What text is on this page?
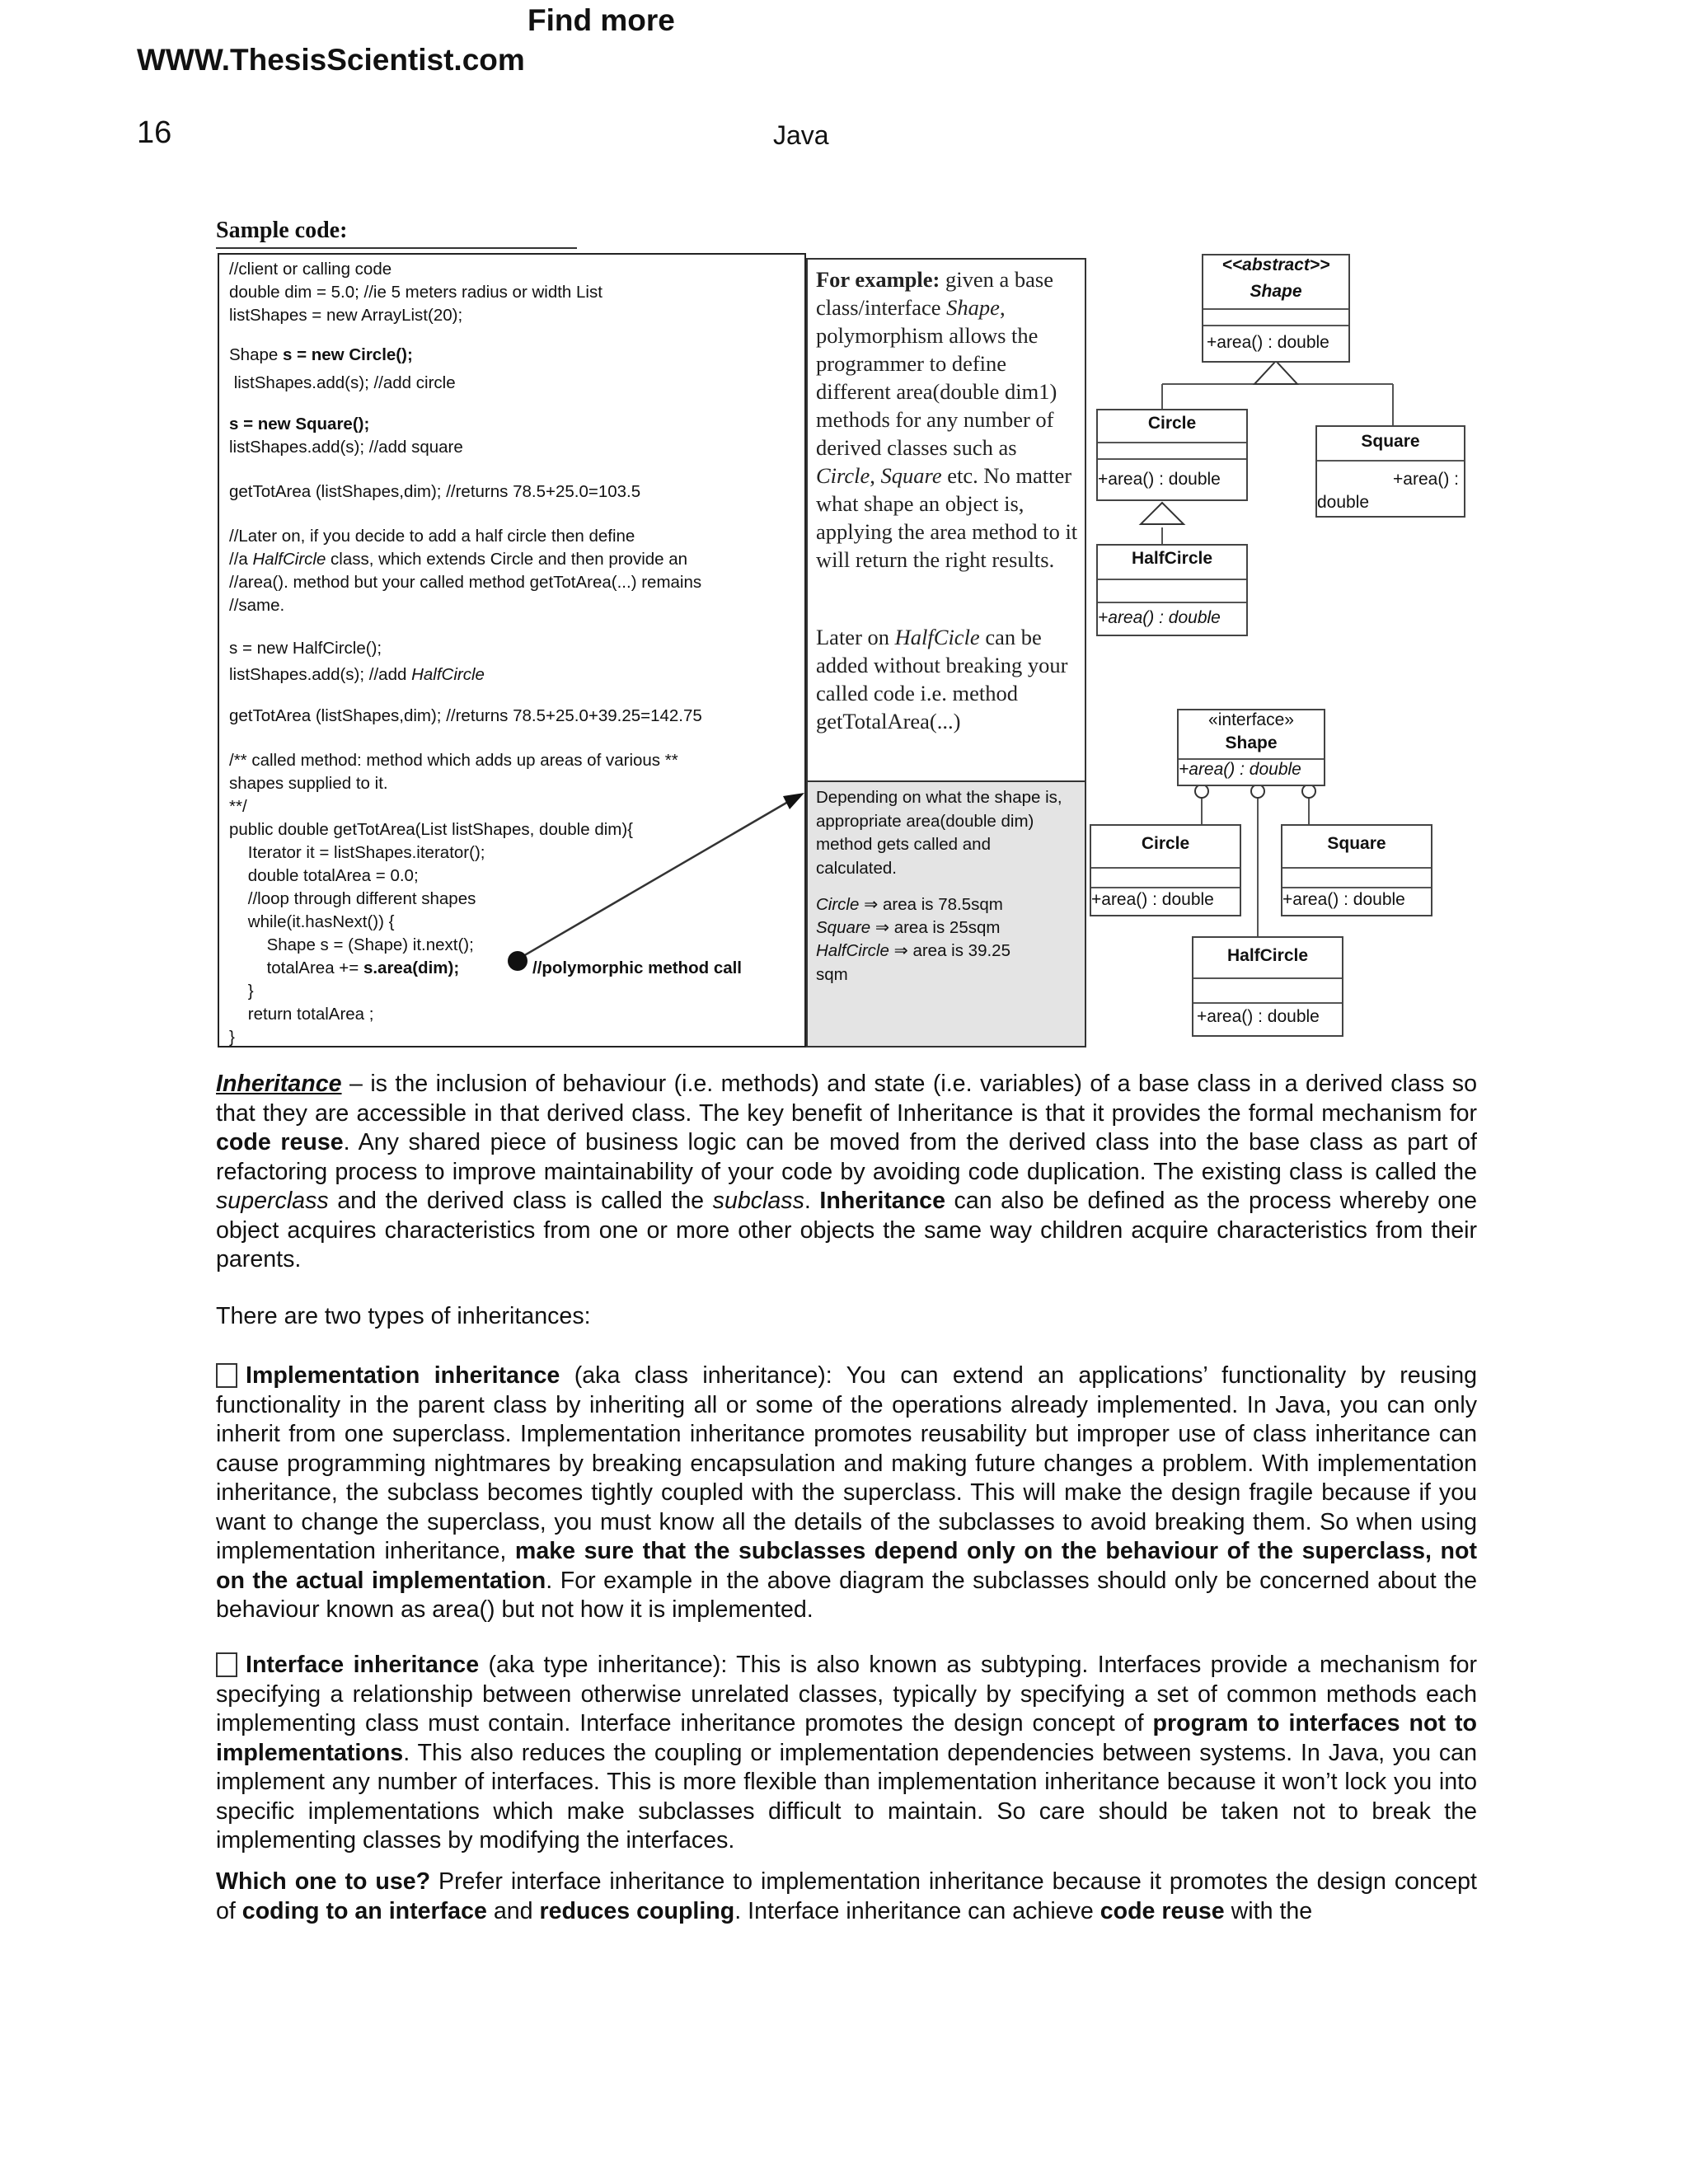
Find more
WWW.ThesisScientist.com
16	Java
Sample code:
//client or calling code
double dim = 5.0; //ie 5 meters radius or width List
listShapes = new ArrayList(20);
Shape s = new Circle();
listShapes.add(s); //add circle
s = new Square();
listShapes.add(s); //add square
getTotArea (listShapes,dim); //returns 78.5+25.0=103.5
//Later on, if you decide to add a half circle then define
//a HalfCircle class, which extends Circle and then provide an
//area(). method but your called method getTotArea(...) remains
//same.
s = new HalfCircle();
listShapes.add(s); //add HalfCircle
getTotArea (listShapes,dim); //returns 78.5+25.0+39.25=142.75
/** called method: method which adds up areas of various **
shapes supplied to it.
**/
public double getTotArea(List listShapes, double dim){
Iterator it = listShapes.iterator();
double totalArea = 0.0;
//loop through different shapes
while(it.hasNext()) {
Shape s = (Shape) it.next();
totalArea += s.area(dim);
}
return totalArea ;
}
//polymorphic method call
For example: given a base class/interface Shape, polymorphism allows the programmer to define different area(double dim1) methods for any number of derived classes such as Circle, Square etc. No matter what shape an object is, applying the area method to it will return the right results.
Later on HalfCicle can be added without breaking your called code i.e. method getTotalArea(...)
Depending on what the shape is, appropriate area(double dim) method gets called and calculated.
Circle ⇒ area is 78.5sqm
Square ⇒ area is 25sqm
HalfCircle ⇒ area is 39.25 sqm
<<abstract>>
Shape
+area() : double
Circle
+area() : double
Square
+area() :
double
HalfCircle
+area() : double
«interface»
Shape
+area() : double
Circle
+area() : double
Square
+area() : double
HalfCircle
+area() : double
Inheritance – is the inclusion of behaviour (i.e. methods) and state (i.e. variables) of a base class in a derived class so that they are accessible in that derived class. The key benefit of Inheritance is that it provides the formal mechanism for code reuse. Any shared piece of business logic can be moved from the derived class into the base class as part of refactoring process to improve maintainability of your code by avoiding code duplication. The existing class is called the superclass and the derived class is called the subclass. Inheritance can also be defined as the process whereby one object acquires characteristics from one or more other objects the same way children acquire characteristics from their parents.
There are two types of inheritances:
Implementation inheritance (aka class inheritance): You can extend an applications’ functionality by reusing functionality in the parent class by inheriting all or some of the operations already implemented. In Java, you can only inherit from one superclass. Implementation inheritance promotes reusability but improper use of class inheritance can cause programming nightmares by breaking encapsulation and making future changes a problem. With implementation inheritance, the subclass becomes tightly coupled with the superclass. This will make the design fragile because if you want to change the superclass, you must know all the details of the subclasses to avoid breaking them. So when using implementation inheritance, make sure that the subclasses depend only on the behaviour of the superclass, not on the actual implementation. For example in the above diagram the subclasses should only be concerned about the behaviour known as area() but not how it is implemented.
Interface inheritance (aka type inheritance): This is also known as subtyping. Interfaces provide a mechanism for specifying a relationship between otherwise unrelated classes, typically by specifying a set of common methods each implementing class must contain. Interface inheritance promotes the design concept of program to interfaces not to implementations. This also reduces the coupling or implementation dependencies between systems. In Java, you can implement any number of interfaces. This is more flexible than implementation inheritance because it won’t lock you into specific implementations which make subclasses difficult to maintain. So care should be taken not to break the implementing classes by modifying the interfaces.
Which one to use? Prefer interface inheritance to implementation inheritance because it promotes the design concept of coding to an interface and reduces coupling. Interface inheritance can achieve code reuse with the
